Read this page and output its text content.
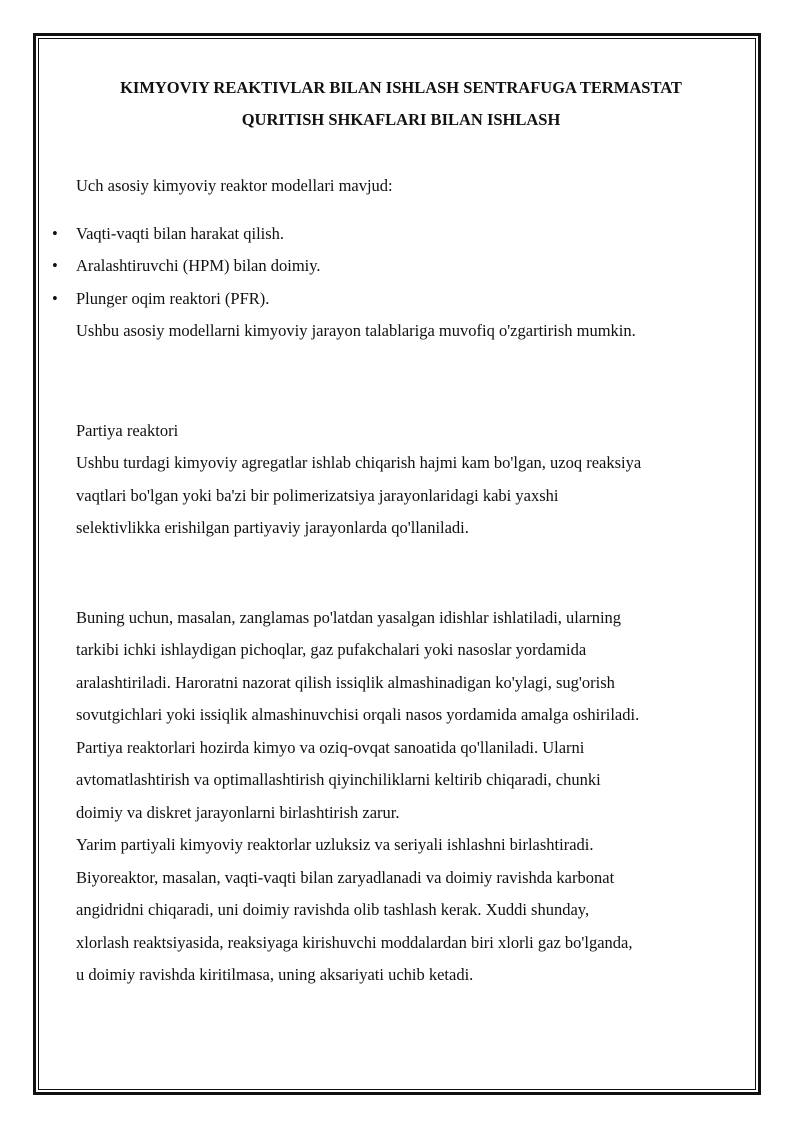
KIMYOVIY REAKTIVLAR BILAN ISHLASH SENTRAFUGA TERMASTAT
QURITISH SHKAFLARI BILAN ISHLASH

Uch asosiy kimyoviy reaktor modellari mavjud:

• Vaqti-vaqti bilan harakat qilish.
• Aralashtiruvchi (HPM) bilan doimiy.
• Plunger oqim reaktori (PFR).

Ushbu asosiy modellarni kimyoviy jarayon talablariga muvofiq o'zgartirish mumkin.

Partiya reaktori

Ushbu turdagi kimyoviy agregatlar ishlab chiqarish hajmi kam bo'lgan, uzoq reaksiya
vaqtlari bo'lgan yoki ba'zi bir polimerizatsiya jarayonlaridagi kabi yaxshi
selektivlikka erishilgan partiyaviy jarayonlarda qo'llaniladi.
Buning uchun, masalan, zanglamas po'latdan yasalgan idishlar ishlatiladi, ularning
tarkibi ichki ishlaydigan pichoqlar, gaz pufakchalari yoki nasoslar yordamida
aralashtiriladi. Haroratni nazorat qilish issiqlik almashinadigan ko'ylagi, sug'orish
sovutgichlari yoki issiqlik almashinuvchisi orqali nasos yordamida amalga oshiriladi.
Partiya reaktorlari hozirda kimyo va oziq-ovqat sanoatida qo'llaniladi. Ularni
avtomatlashtirish va optimallashtirish qiyinchiliklarni keltirib chiqaradi, chunki
doimiy va diskret jarayonlarni birlashtirish zarur.
Yarim partiyali kimyoviy reaktorlar uzluksiz va seriyali ishlashni birlashtiradi.
Biyoreaktor, masalan, vaqti-vaqti bilan zaryadlanadi va doimiy ravishda karbonat
angidridni chiqaradi, uni doimiy ravishda olib tashlash kerak. Xuddi shunday,
xlorlash reaktsiyasida, reaksiyaga kirishuvchi moddalardan biri xlorli gaz bo'lganda,
u doimiy ravishda kiritilmasa, uning aksariyati uchib ketadi.
